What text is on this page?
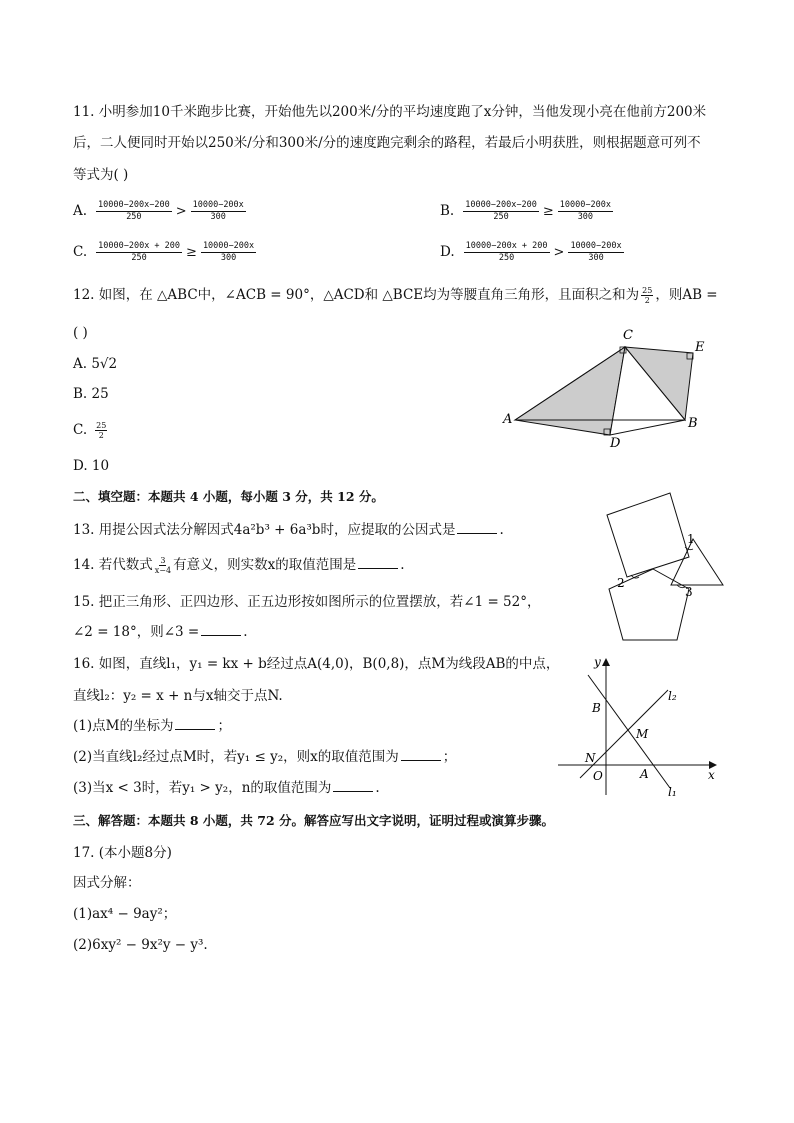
11. 小明参加10千米跑步比赛，开始他先以200米/分的平均速度跑了x分钟，当他发现小亮在他前方200米
后，二人便同时开始以250米/分和300米/分的速度跑完剩余的路程，若最后小明获胜，则根据题意可列不
等式为( )
A. $\frac{10000-200x-200}{250} > \frac{10000-200x}{300}$	B. $\frac{10000-200x-200}{250} \ge \frac{10000-200x}{300}$
C. $\frac{10000-200x + 200}{250} \ge \frac{10000-200x}{300}$	D. $\frac{10000-200x + 200}{250} > \frac{10000-200x}{300}$
12. 如图，在 △ABC中，∠ACB = 90°，△ACD和 △BCE均为等腰直角三角形，且面积之和为 $\frac{25}{2}$ ，则AB =
( )
A. 5√2
B. 25
C. $\frac{25}{2}$
D. 10
A	B
C
D
E
二、填空题：本题共 4 小题，每小题 3 分，共 12 分。
13. 用提公因式法分解因式4a²b³ + 6a³b时，应提取的公因式是	.
14. 若代数式 $\frac{3}{x-4}$ 有意义，则实数x的取值范围是	.
15. 把正三角形、正四边形、正五边形按如图所示的位置摆放，若∠1 = 52°，
∠2 = 18°，则∠3 =	.
1
2
3
16. 如图，直线l₁，y₁ = kx + b经过点A(4,0)，B(0,8)，点M为线段AB的中点，
直线l₂：y₂ = x + n与x轴交于点N.
(1)点M的坐标为	；
(2)当直线l₂经过点M时，若y₁ ≤ y₂，则x的取值范围为	；
(3)当x < 3时，若y₁ > y₂，n的取值范围为	.
y
x
B
M
N
O	A
l₁
l₂
三、解答题：本题共 8 小题，共 72 分。解答应写出文字说明，证明过程或演算步骤。
17. (本小题8分)
因式分解：
(1)ax⁴ − 9ay²；
(2)6xy² − 9x²y − y³.
